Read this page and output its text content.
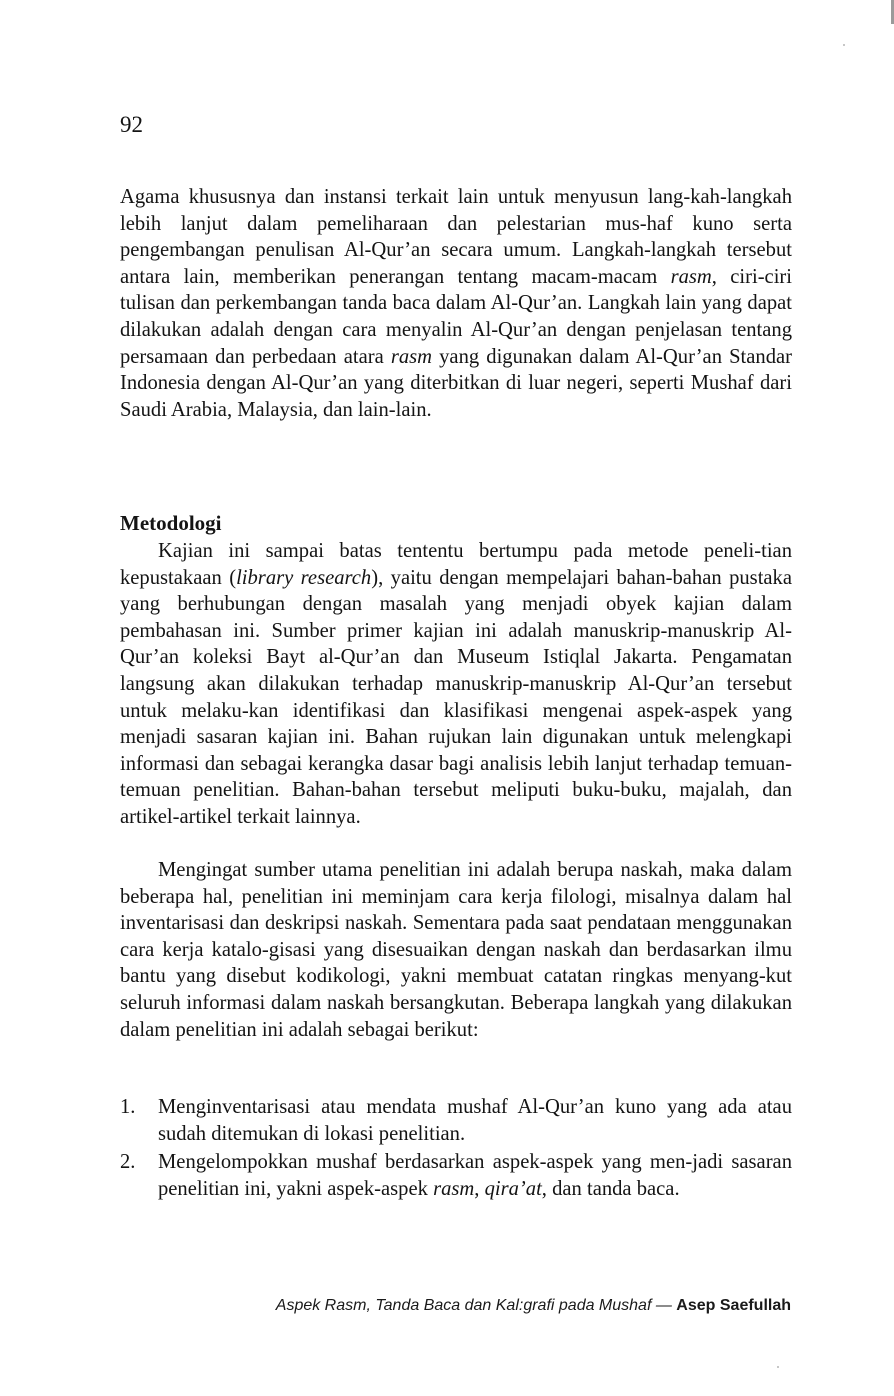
92
Agama khususnya dan instansi terkait lain untuk menyusun lang-kah-langkah lebih lanjut dalam pemeliharaan dan pelestarian mus-haf kuno serta pengembangan penulisan Al-Qur’an secara umum. Langkah-langkah tersebut antara lain, memberikan penerangan tentang macam-macam rasm, ciri-ciri tulisan dan perkembangan tanda baca dalam Al-Qur’an. Langkah lain yang dapat dilakukan adalah dengan cara menyalin Al-Qur’an dengan penjelasan tentang persamaan dan perbedaan atara rasm yang digunakan dalam Al-Qur’an Standar Indonesia dengan Al-Qur’an yang diterbitkan di luar negeri, seperti Mushaf dari Saudi Arabia, Malaysia, dan lain-lain.
Metodologi
Kajian ini sampai batas tententu bertumpu pada metode peneli-tian kepustakaan (library research), yaitu dengan mempelajari bahan-bahan pustaka yang berhubungan dengan masalah yang menjadi obyek kajian dalam pembahasan ini. Sumber primer kajian ini adalah manuskrip-manuskrip Al-Qur’an koleksi Bayt al-Qur’an dan Museum Istiqlal Jakarta. Pengamatan langsung akan dilakukan terhadap manuskrip-manuskrip Al-Qur’an tersebut untuk melaku-kan identifikasi dan klasifikasi mengenai aspek-aspek yang menjadi sasaran kajian ini. Bahan rujukan lain digunakan untuk melengkapi informasi dan sebagai kerangka dasar bagi analisis lebih lanjut terhadap temuan-temuan penelitian. Bahan-bahan tersebut meliputi buku-buku, majalah, dan artikel-artikel terkait lainnya.
Mengingat sumber utama penelitian ini adalah berupa naskah, maka dalam beberapa hal, penelitian ini meminjam cara kerja filologi, misalnya dalam hal inventarisasi dan deskripsi naskah. Sementara pada saat pendataan menggunakan cara kerja katalo-gisasi yang disesuaikan dengan naskah dan berdasarkan ilmu bantu yang disebut kodikologi, yakni membuat catatan ringkas menyang-kut seluruh informasi dalam naskah bersangkutan. Beberapa langkah yang dilakukan dalam penelitian ini adalah sebagai berikut:
1. Menginventarisasi atau mendata mushaf Al-Qur’an kuno yang ada atau sudah ditemukan di lokasi penelitian.
2. Mengelompokkan mushaf berdasarkan aspek-aspek yang men-jadi sasaran penelitian ini, yakni aspek-aspek rasm, qira’at, dan tanda baca.
Aspek Rasm, Tanda Baca dan Kal:grafi pada Mushaf — Asep Saefullah
